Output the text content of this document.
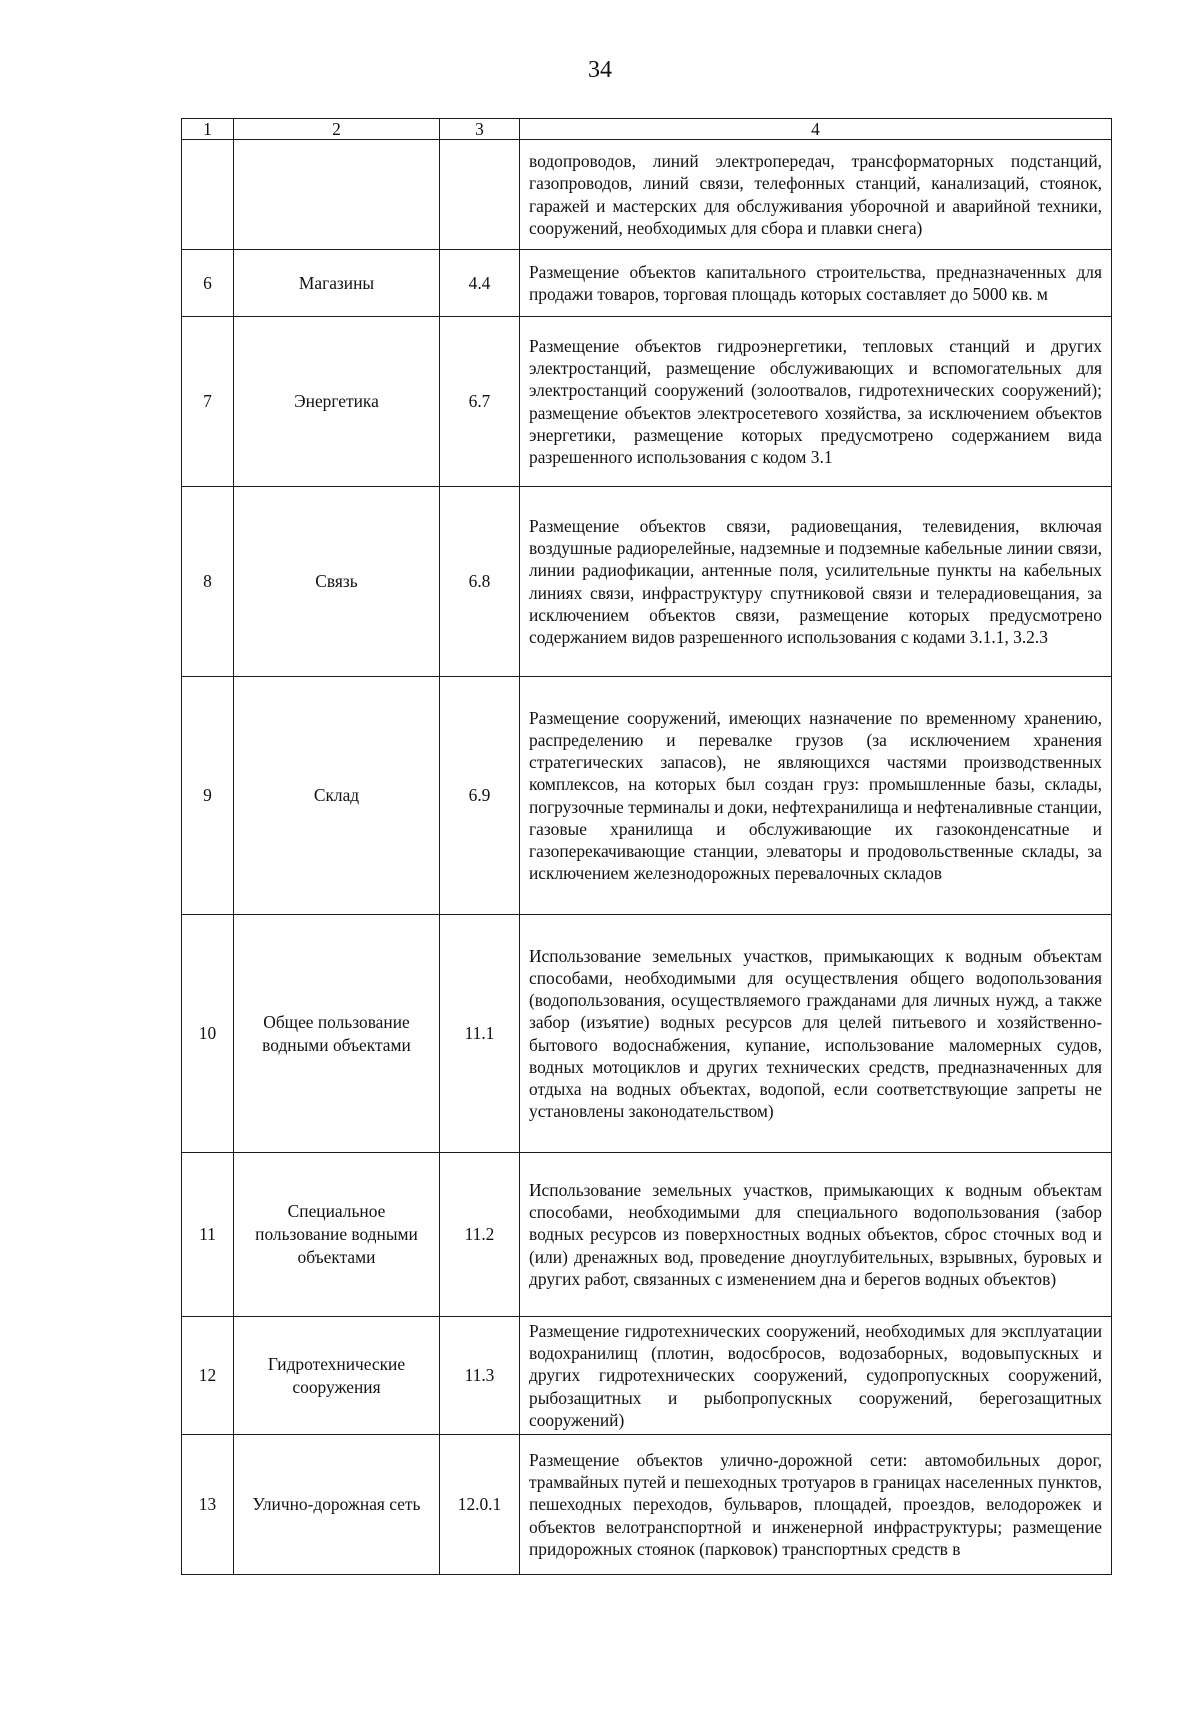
34
1	2	3	4
			водопроводов, линий электропередач, трансформаторных подстанций, газопроводов, линий связи, телефонных станций, канализаций, стоянок, гаражей и мастерских для обслуживания уборочной и аварийной техники, сооружений, необходимых для сбора и плавки снега)
6	Магазины	4.4	Размещение объектов капитального строительства, предназначенных для продажи товаров, торговая площадь которых составляет до 5000 кв. м
7	Энергетика	6.7	Размещение объектов гидроэнергетики, тепловых станций и других электростанций, размещение обслуживающих и вспомогательных для электростанций сооружений (золоотвалов, гидротехнических сооружений); размещение объектов электросетевого хозяйства, за исключением объектов энергетики, размещение которых предусмотрено содержанием вида разрешенного использования с кодом 3.1
8	Связь	6.8	Размещение объектов связи, радиовещания, телевидения, включая воздушные радиорелейные, надземные и подземные кабельные линии связи, линии радиофикации, антенные поля, усилительные пункты на кабельных линиях связи, инфраструктуру спутниковой связи и телерадиовещания, за исключением объектов связи, размещение которых предусмотрено содержанием видов разрешенного использования с кодами 3.1.1, 3.2.3
9	Склад	6.9	Размещение сооружений, имеющих назначение по временному хранению, распределению и перевалке грузов (за исключением хранения стратегических запасов), не являющихся частями производственных комплексов, на которых был создан груз: промышленные базы, склады, погрузочные терминалы и доки, нефтехранилища и нефтеналивные станции, газовые хранилища и обслуживающие их газоконденсатные и газоперекачивающие станции, элеваторы и продовольственные склады, за исключением железнодорожных перевалочных складов
10	Общее пользование водными объектами	11.1	Использование земельных участков, примыкающих к водным объектам способами, необходимыми для осуществления общего водопользования (водопользования, осуществляемого гражданами для личных нужд, а также забор (изъятие) водных ресурсов для целей питьевого и хозяйственно-бытового водоснабжения, купание, использование маломерных судов, водных мотоциклов и других технических средств, предназначенных для отдыха на водных объектах, водопой, если соответствующие запреты не установлены законодательством)
11	Специальное пользование водными объектами	11.2	Использование земельных участков, примыкающих к водным объектам способами, необходимыми для специального водопользования (забор водных ресурсов из поверхностных водных объектов, сброс сточных вод и (или) дренажных вод, проведение дноуглубительных, взрывных, буровых и других работ, связанных с изменением дна и берегов водных объектов)
12	Гидротехнические сооружения	11.3	Размещение гидротехнических сооружений, необходимых для эксплуатации водохранилищ (плотин, водосбросов, водозаборных, водовыпускных и других гидротехнических сооружений, судопропускных сооружений, рыбозащитных и рыбопропускных сооружений, берегозащитных сооружений)
13	Улично-дорожная сеть	12.0.1	Размещение объектов улично-дорожной сети: автомобильных дорог, трамвайных путей и пешеходных тротуаров в границах населенных пунктов, пешеходных переходов, бульваров, площадей, проездов, велодорожек и объектов велотранспортной и инженерной инфраструктуры; размещение придорожных стоянок (парковок) транспортных средств в
